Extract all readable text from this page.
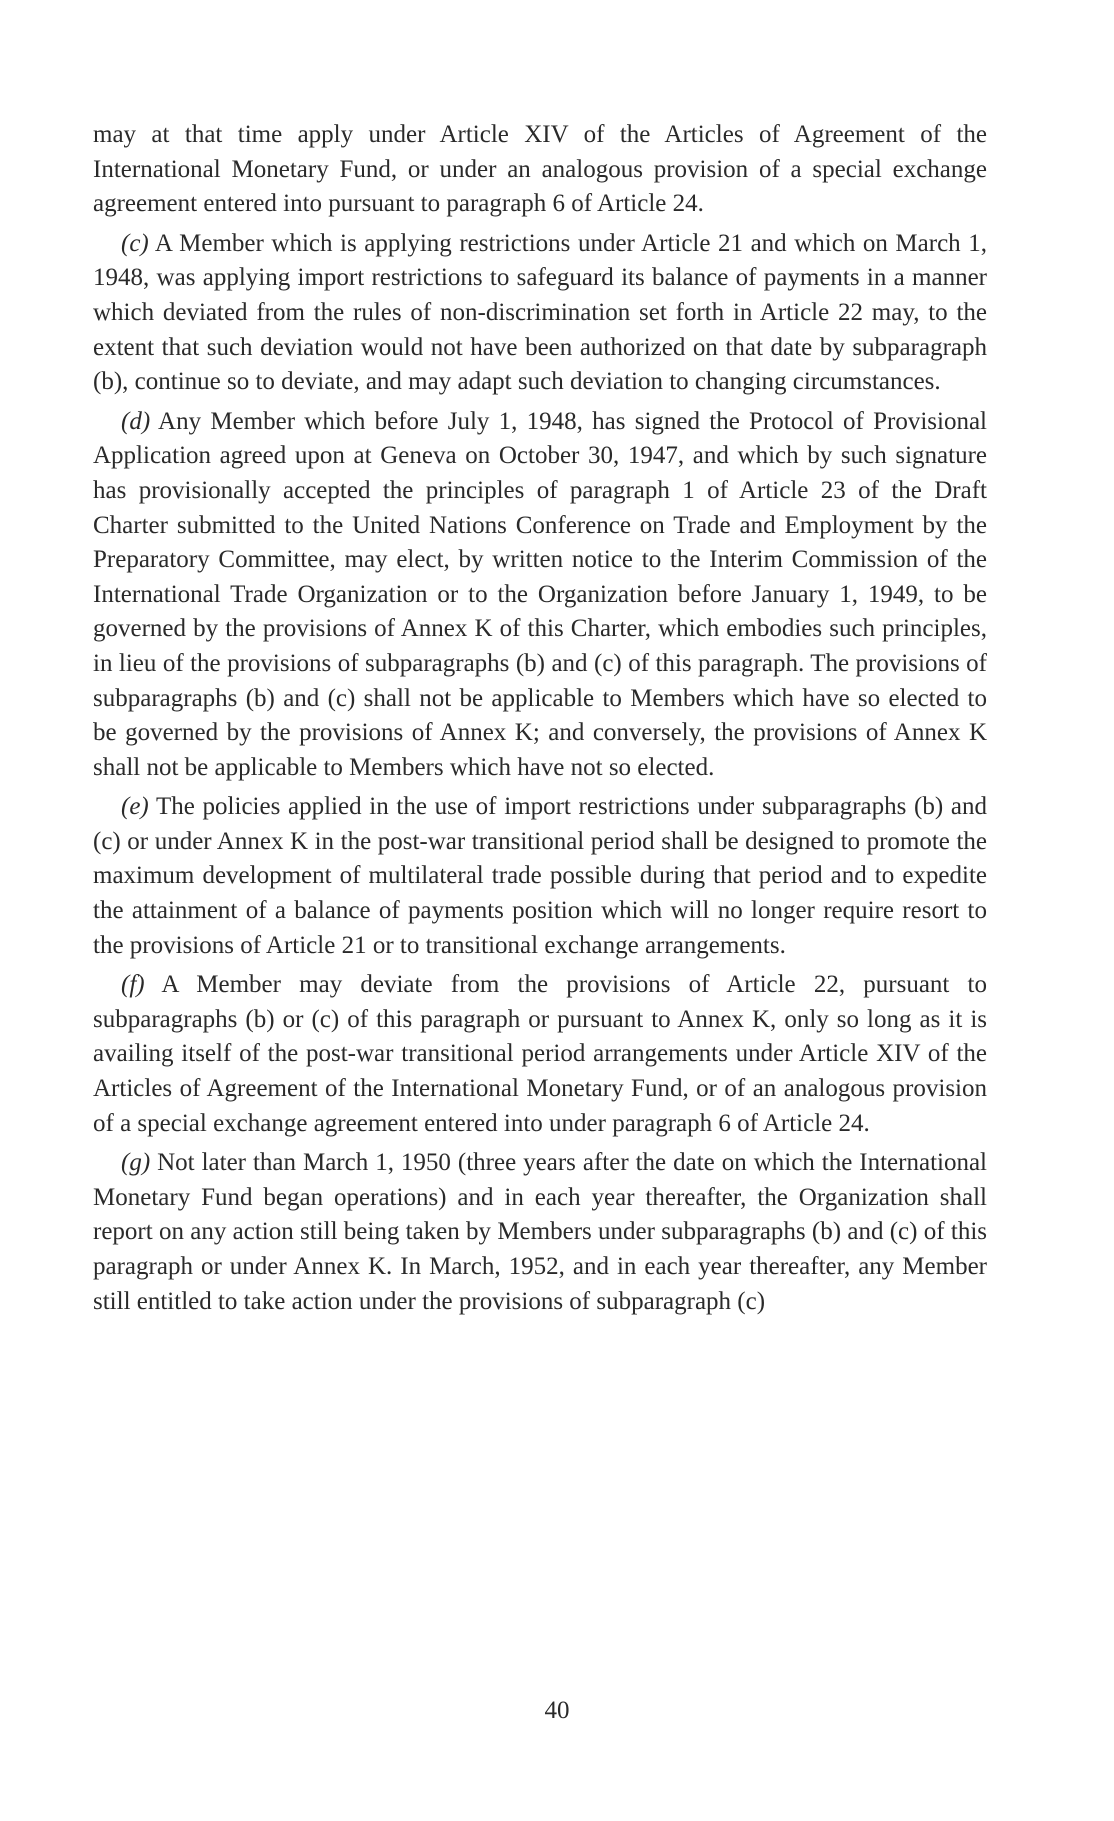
may at that time apply under Article XIV of the Articles of Agreement of the International Monetary Fund, or under an analogous provision of a special exchange agreement entered into pursuant to paragraph 6 of Article 24.

(c) A Member which is applying restrictions under Article 21 and which on March 1, 1948, was applying import restrictions to safeguard its balance of payments in a manner which deviated from the rules of non-discrimination set forth in Article 22 may, to the extent that such deviation would not have been authorized on that date by subparagraph (b), continue so to deviate, and may adapt such deviation to changing circumstances.

(d) Any Member which before July 1, 1948, has signed the Protocol of Provisional Application agreed upon at Geneva on October 30, 1947, and which by such signature has provisionally accepted the principles of paragraph 1 of Article 23 of the Draft Charter submitted to the United Nations Conference on Trade and Employment by the Preparatory Committee, may elect, by written notice to the Interim Commission of the International Trade Organization or to the Organization before January 1, 1949, to be governed by the provisions of Annex K of this Charter, which embodies such principles, in lieu of the provisions of subparagraphs (b) and (c) of this paragraph. The provisions of subparagraphs (b) and (c) shall not be applicable to Members which have so elected to be governed by the provisions of Annex K; and conversely, the provisions of Annex K shall not be applicable to Members which have not so elected.

(e) The policies applied in the use of import restrictions under subparagraphs (b) and (c) or under Annex K in the post-war transitional period shall be designed to promote the maximum development of multilateral trade possible during that period and to expedite the attainment of a balance of payments position which will no longer require resort to the provisions of Article 21 or to transitional exchange arrangements.

(f) A Member may deviate from the provisions of Article 22, pursuant to subparagraphs (b) or (c) of this paragraph or pursuant to Annex K, only so long as it is availing itself of the post-war transitional period arrangements under Article XIV of the Articles of Agreement of the International Monetary Fund, or of an analogous provision of a special exchange agreement entered into under paragraph 6 of Article 24.

(g) Not later than March 1, 1950 (three years after the date on which the International Monetary Fund began operations) and in each year thereafter, the Organization shall report on any action still being taken by Members under subparagraphs (b) and (c) of this paragraph or under Annex K. In March, 1952, and in each year thereafter, any Member still entitled to take action under the provisions of subparagraph (c)

40
